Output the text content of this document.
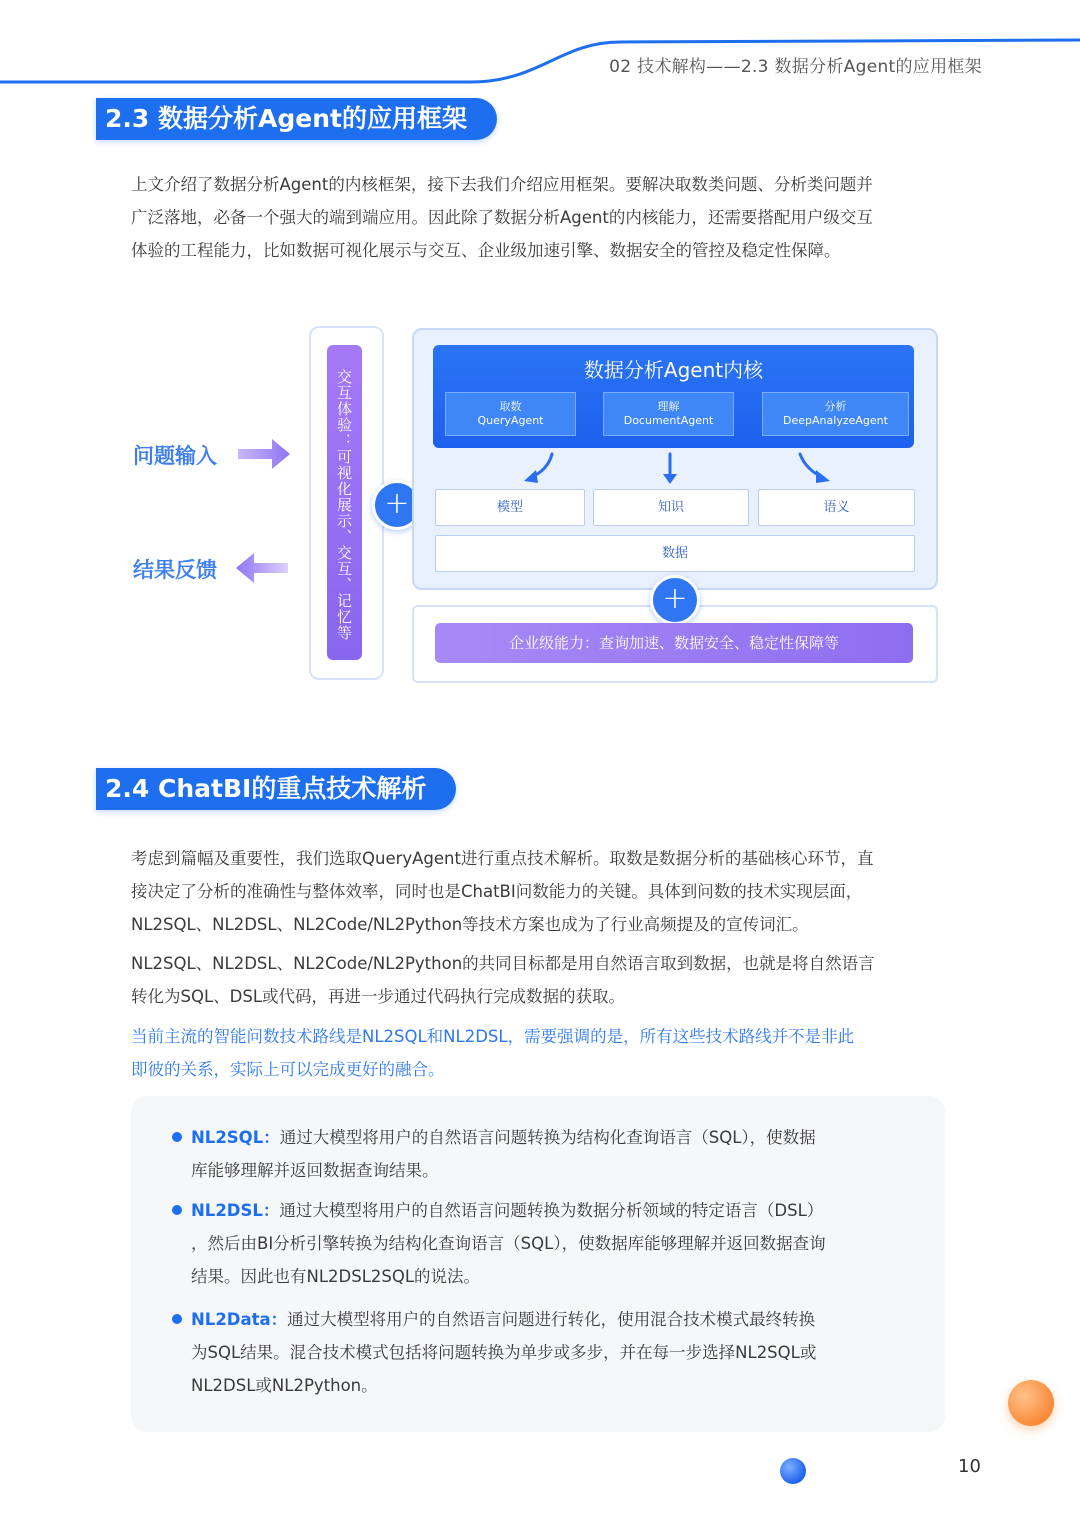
02 技术解构——2.3 数据分析Agent的应用框架
2.3 数据分析Agent的应用框架
上文介绍了数据分析Agent的内核框架，接下去我们介绍应用框架。要解决取数类问题、分析类问题并
广泛落地，必备一个强大的端到端应用。因此除了数据分析Agent的内核能力，还需要搭配用户级交互
体验的工程能力，比如数据可视化展示与交互、企业级加速引擎、数据安全的管控及稳定性保障。
问题输入
结果反馈	交互体验：可视化展示、交互、记忆等	+
数据分析Agent内核
取数
QueryAgent
理解
DocumentAgent
分析
DeepAnalyzeAgent
模型	知识	语义
数据
+
企业级能力：查询加速、数据安全、稳定性保障等
2.4 ChatBI的重点技术解析
考虑到篇幅及重要性，我们选取QueryAgent进行重点技术解析。取数是数据分析的基础核心环节，直
接决定了分析的准确性与整体效率，同时也是ChatBI问数能力的关键。具体到问数的技术实现层面，
NL2SQL、NL2DSL、NL2Code/NL2Python等技术方案也成为了行业高频提及的宣传词汇。
NL2SQL、NL2DSL、NL2Code/NL2Python的共同目标都是用自然语言取到数据，也就是将自然语言
转化为SQL、DSL或代码，再进一步通过代码执行完成数据的获取。
当前主流的智能问数技术路线是NL2SQL和NL2DSL，需要强调的是，所有这些技术路线并不是非此
即彼的关系，实际上可以完成更好的融合。
NL2SQL：通过大模型将用户的自然语言问题转换为结构化查询语言（SQL），使数据
库能够理解并返回数据查询结果。
NL2DSL：通过大模型将用户的自然语言问题转换为数据分析领域的特定语言（DSL）
，然后由BI分析引擎转换为结构化查询语言（SQL），使数据库能够理解并返回数据查询
结果。因此也有NL2DSL2SQL的说法。
NL2Data：通过大模型将用户的自然语言问题进行转化，使用混合技术模式最终转换
为SQL结果。混合技术模式包括将问题转换为单步或多步，并在每一步选择NL2SQL或
NL2DSL或NL2Python。
10
